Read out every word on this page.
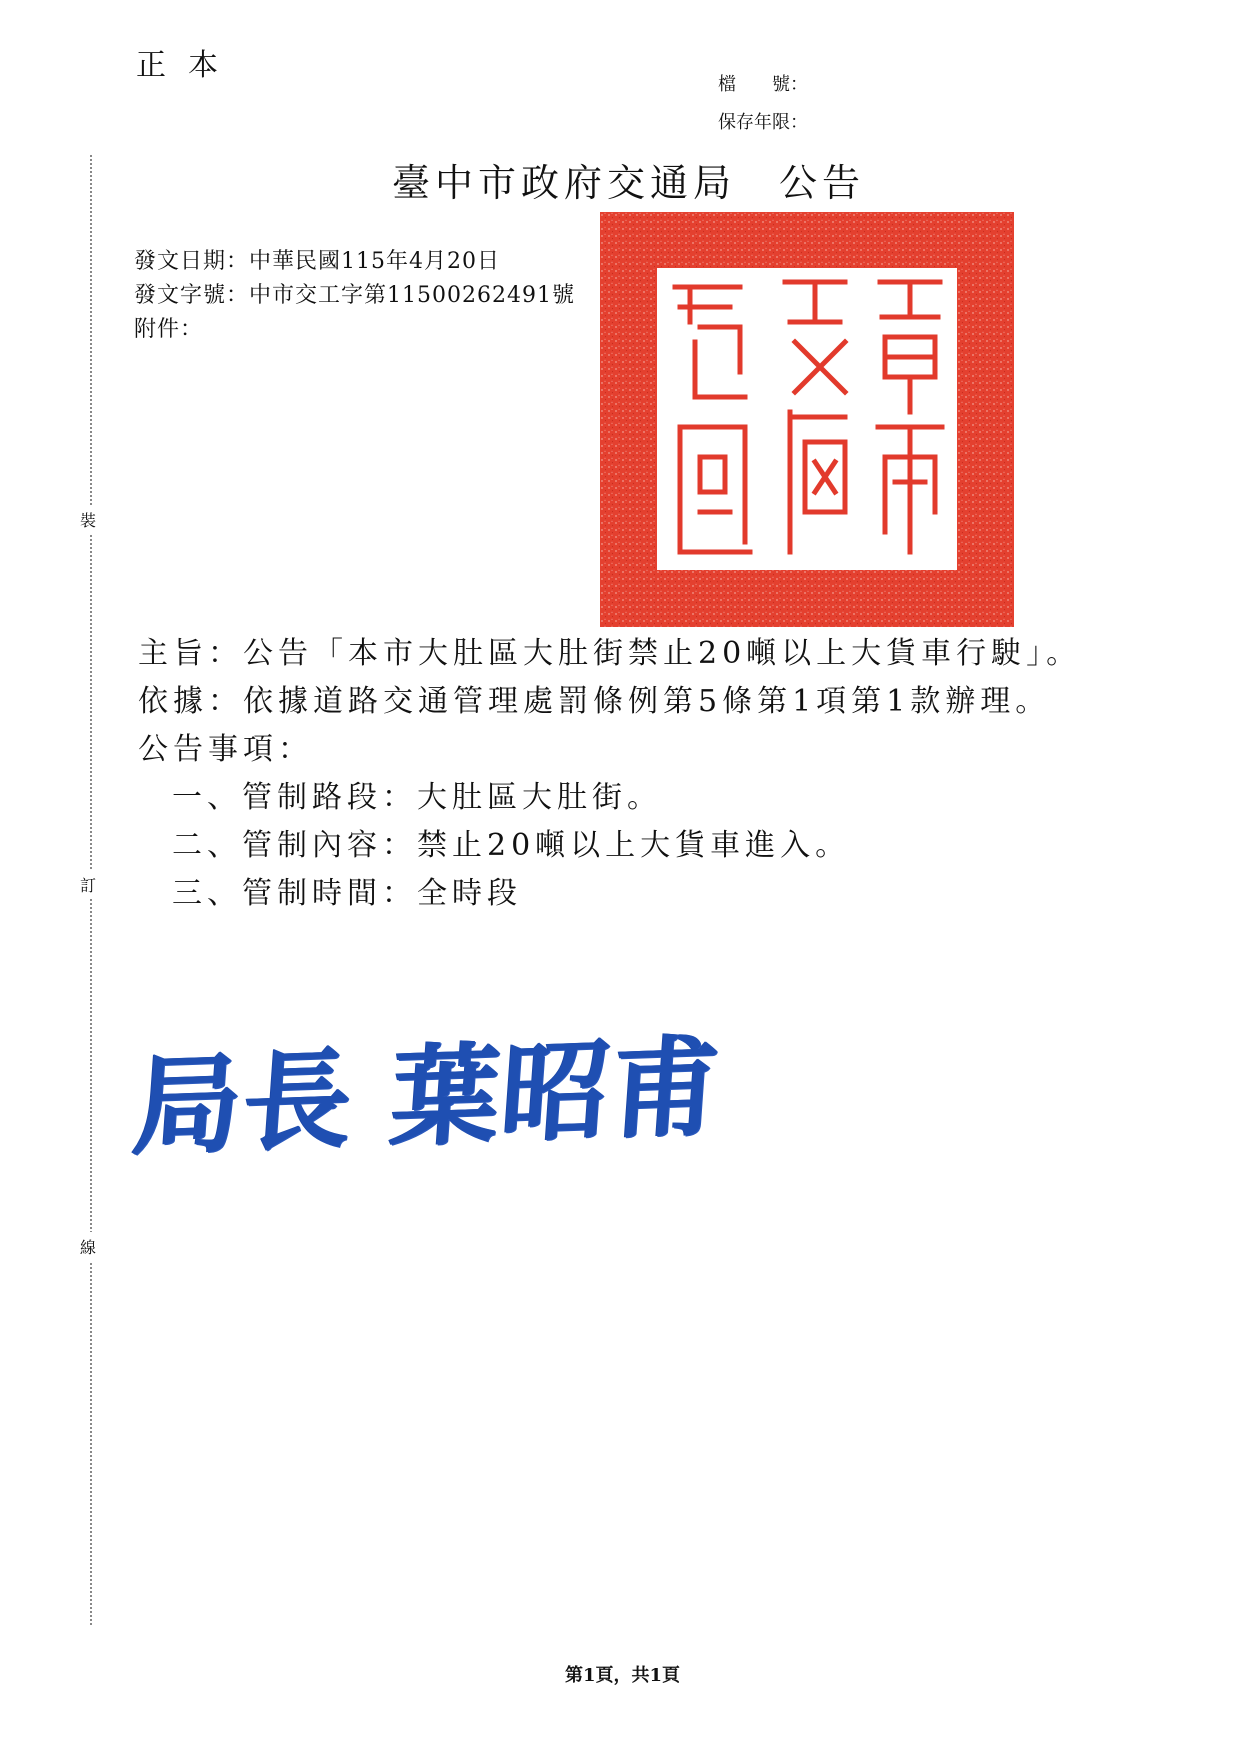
正本
檔　　號：
保存年限：
臺中市政府交通局　公告
發文日期：中華民國115年4月20日
發文字號：中市交工字第11500262491號
附件：
裝
訂
線
主旨：公告「本市大肚區大肚街禁止20噸以上大貨車行駛」。
依據：依據道路交通管理處罰條例第5條第1項第1款辦理。
公告事項：
一、管制路段：大肚區大肚街。
二、管制內容：禁止20噸以上大貨車進入。
三、管制時間：全時段
局長 葉昭甫
第1頁，共1頁
